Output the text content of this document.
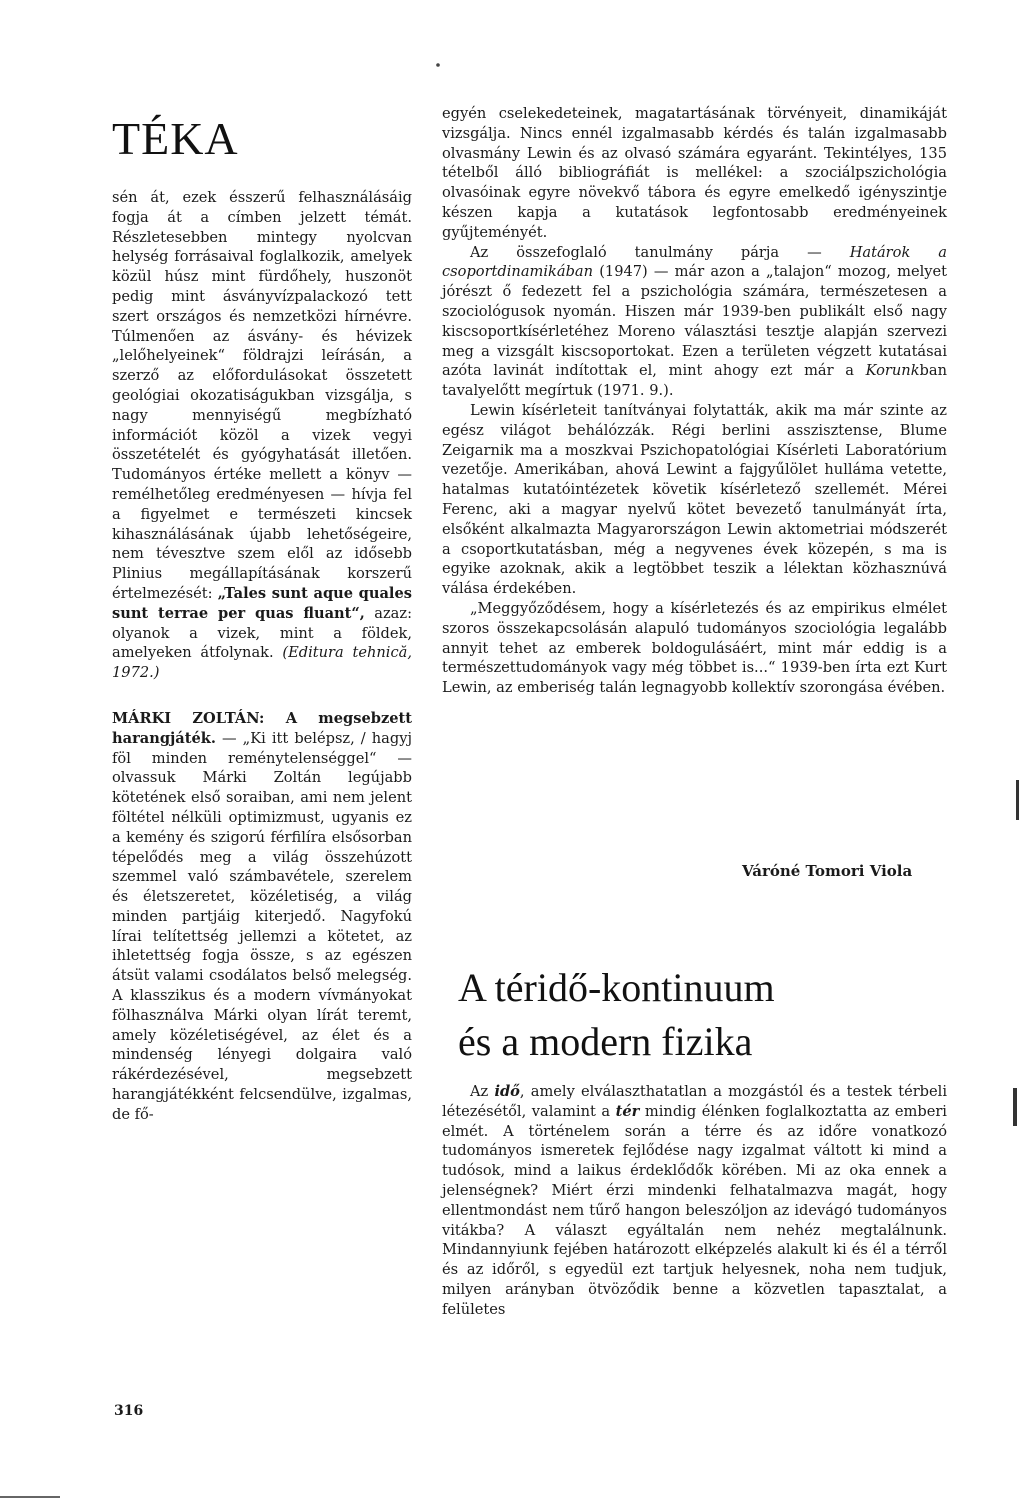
TÉKA

sén át, ezek ésszerű felhasználásáig fogja át a címben jelzett témát. Részletesebben mintegy nyolcvan helység forrásaival foglalkozik, amelyek közül húsz mint fürdőhely, huszonöt pedig mint ásványvízpalackozó tett szert országos és nemzetközi hírnévre. Túlmenően az ásvány- és hévizek „lelőhelyeinek“ földrajzi leírásán, a szerző az előfordulásokat összetett geológiai okozatiságukban vizsgálja, s nagy mennyiségű megbízható információt közöl a vizek vegyi összetételét és gyógyhatását illetően. Tudományos értéke mellett a könyv — remélhetőleg eredményesen — hívja fel a figyelmet e természeti kincsek kihasználásának újabb lehetőségeire, nem tévesztve szem elől az idősebb Plinius megállapításának korszerű értelmezését: „Tales sunt aque quales sunt terrae per quas fluant“, azaz: olyanok a vizek, mint a földek, amelyeken átfolynak. (Editura tehnică, 1972.)

MÁRKI ZOLTÁN: A megsebzett harangjáték. — „Ki itt belépsz, / hagyj föl minden reménytelenséggel“ — olvassuk Márki Zoltán legújabb kötetének első soraiban, ami nem jelent föltétel nélküli optimizmust, ugyanis ez a kemény és szigorú férfilíra elsősorban tépelődés meg a világ összehúzott szemmel való számbavétele, szerelem és életszeretet, közéletiség, a világ minden partjáig kiterjedő. Nagyfokú lírai telítettség jellemzi a kötetet, az ihletettség fogja össze, s az egészen átsüt valami csodálatos belső melegség. A klasszikus és a modern vívmányokat fölhasználva Márki olyan lírát teremt, amely közéletiségével, az élet és a mindenség lényegi dolgaira való rákérdezésével, megsebzett harangjátékként felcsendülve, izgalmas, de fő-

egyén cselekedeteinek, magatartásának törvényeit, dinamikáját vizsgálja. Nincs ennél izgalmasabb kérdés és talán izgalmasabb olvasmány Lewin és az olvasó számára egyaránt. Tekintélyes, 135 tételből álló bibliográfiát is mellékel: a szociálpszichológia olvasóinak egyre növekvő tábora és egyre emelkedő igényszintje készen kapja a kutatások legfontosabb eredményeinek gyűjteményét.

Az összefoglaló tanulmány párja — Határok a csoportdinamikában (1947) — már azon a „talajon“ mozog, melyet jórészt ő fedezett fel a pszichológia számára, természetesen a szociológusok nyomán. Hiszen már 1939-ben publikált első nagy kiscsoportkísérletéhez Moreno választási tesztje alapján szervezi meg a vizsgált kiscsoportokat. Ezen a területen végzett kutatásai azóta lavinát indítottak el, mint ahogy ezt már a Korunkban tavalyelőtt megírtuk (1971. 9.).

Lewin kísérleteit tanítványai folytatták, akik ma már szinte az egész világot behálózzák. Régi berlini asszisztense, Blume Zeigarnik ma a moszkvai Pszichopatológiai Kísérleti Laboratórium vezetője. Amerikában, ahová Lewint a fajgyűlölet hulláma vetette, hatalmas kutatóintézetek követik kísérletező szellemét. Mérei Ferenc, aki a magyar nyelvű kötet bevezető tanulmányát írta, elsőként alkalmazta Magyarországon Lewin aktometriai módszerét a csoportkutatásban, még a negyvenes évek közepén, s ma is egyike azoknak, akik a legtöbbet teszik a lélektan közhasznúvá válása érdekében.

„Meggyőződésem, hogy a kísérletezés és az empirikus elmélet szoros összekapcsolásán alapuló tudományos szociológia legalább annyit tehet az emberek boldogulásáért, mint már eddig is a természettudományok vagy még többet is...“ 1939-ben írta ezt Kurt Lewin, az emberiség talán legnagyobb kollektív szorongása évében.

Váróné Tomori Viola
A téridő-kontinuum
és a modern fizika

Az idő, amely elválaszthatatlan a mozgástól és a testek térbeli létezésétől, valamint a tér mindig élénken foglalkoztatta az emberi elmét. A történelem során a térre és az időre vonatkozó tudományos ismeretek fejlődése nagy izgalmat váltott ki mind a tudósok, mind a laikus érdeklődők körében. Mi az oka ennek a jelenségnek? Miért érzi mindenki felhatalmazva magát, hogy ellentmondást nem tűrő hangon beleszóljon az idevágó tudományos vitákba? A választ egyáltalán nem nehéz megtalálnunk. Mindannyiunk fejében határozott elképzelés alakult ki és él a térről és az időről, s egyedül ezt tartjuk helyesnek, noha nem tudjuk, milyen arányban ötvöződik benne a közvetlen tapasztalat, a felületes

316
